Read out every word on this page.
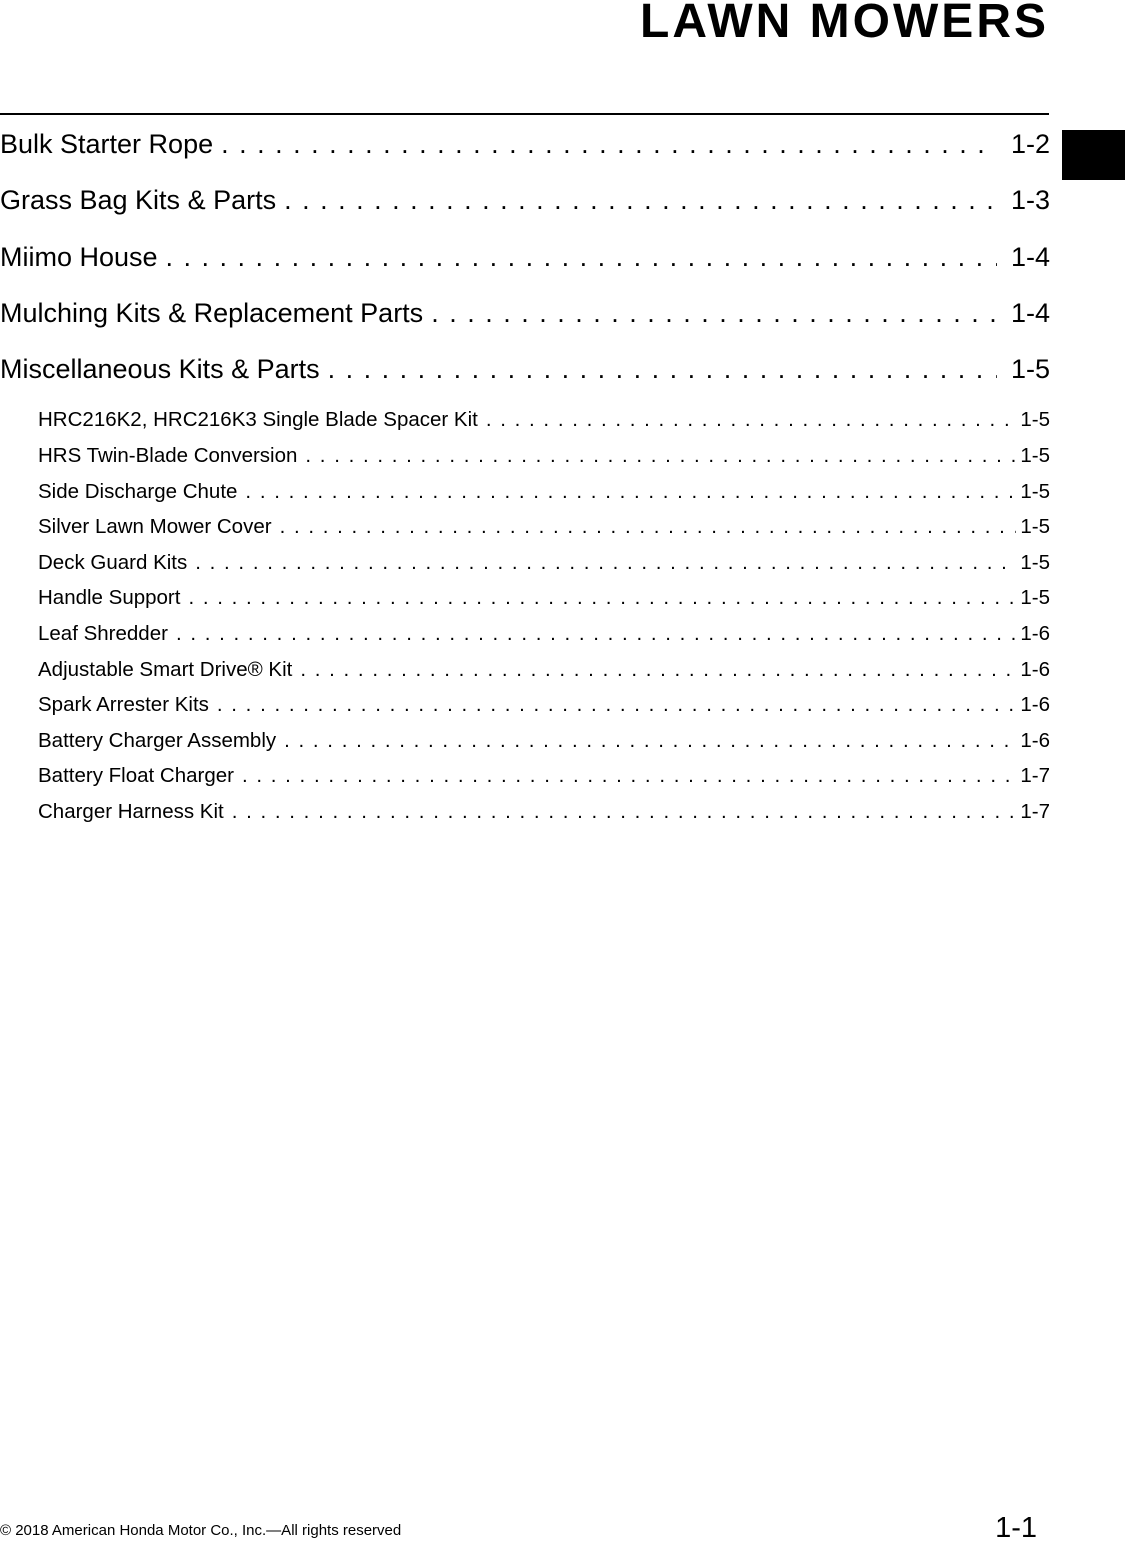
LAWN MOWERS
Bulk Starter Rope . . .	1-2
Grass Bag Kits & Parts . . .	1-3
Miimo House . . .	1-4
Mulching Kits & Replacement Parts . . .	1-4
Miscellaneous Kits & Parts . . .	1-5
HRC216K2, HRC216K3 Single Blade Spacer Kit . . .	1-5
HRS Twin-Blade Conversion . . .	1-5
Side Discharge Chute . . .	1-5
Silver Lawn Mower Cover . . .	1-5
Deck Guard Kits . . .	1-5
Handle Support . . .	1-5
Leaf Shredder . . .	1-6
Adjustable Smart Drive® Kit . . .	1-6
Spark Arrester Kits . . .	1-6
Battery Charger Assembly . . .	1-6
Battery Float Charger . . .	1-7
Charger Harness Kit . . .	1-7
© 2018 American Honda Motor Co., Inc.—All rights reserved	1-1
